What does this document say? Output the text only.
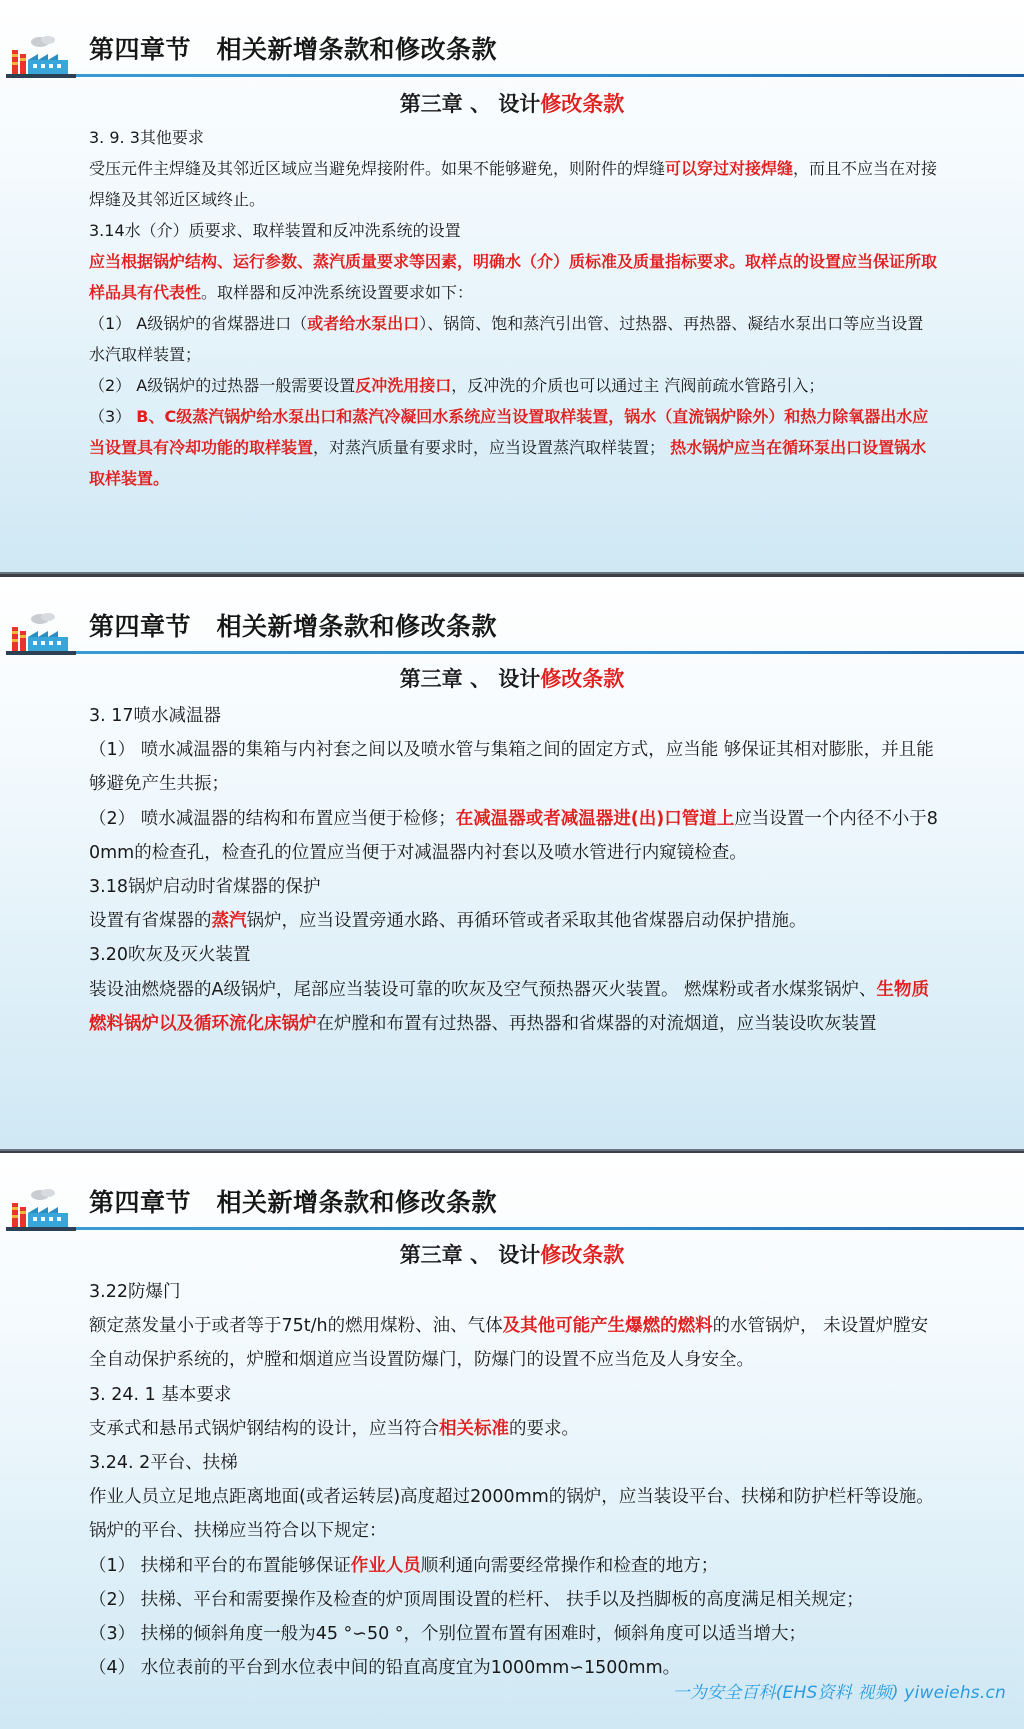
第四章节　相关新增条款和修改条款
第三章 、 设计修改条款

3. 9. 3其他要求

受压元件主焊缝及其邻近区域应当避免焊接附件。如果不能够避免，则附件的焊缝可以穿过对接焊缝，而且不应当在对接焊缝及其邻近区域终止。

3.14水（介）质要求、取样装置和反冲洗系统的设置

应当根据锅炉结构、运行参数、蒸汽质量要求等因素，明确水（介）质标准及质量指标要求。取样点的设置应当保证所取样品具有代表性。取样器和反冲洗系统设置要求如下：

（1） A级锅炉的省煤器进口（或者给水泵出口）、锅筒、饱和蒸汽引出管、过热器、再热器、凝结水泵出口等应当设置水汽取样装置；

（2） A级锅炉的过热器一般需要设置反冲洗用接口，反冲洗的介质也可以通过主 汽阀前疏水管路引入；

（3） B、C级蒸汽锅炉给水泵出口和蒸汽冷凝回水系统应当设置取样装置，锅水（直流锅炉除外）和热力除氧器出水应当设置具有冷却功能的取样装置，对蒸汽质量有要求时，应当设置蒸汽取样装置； 热水锅炉应当在循环泵出口设置锅水取样装置。

第四章节　相关新增条款和修改条款
第三章 、 设计修改条款

3. 17喷水减温器

（1） 喷水减温器的集箱与内衬套之间以及喷水管与集箱之间的固定方式，应当能 够保证其相对膨胀，并且能够避免产生共振；

（2） 喷水减温器的结构和布置应当便于检修；在减温器或者减温器进(出)口管道上应当设置一个内径不小于80mm的检查孔，检查孔的位置应当便于对减温器内衬套以及喷水管进行内窥镜检查。

3.18锅炉启动时省煤器的保护

设置有省煤器的蒸汽锅炉，应当设置旁通水路、再循环管或者采取其他省煤器启动保护措施。

3.20吹灰及灭火装置

装设油燃烧器的A级锅炉，尾部应当装设可靠的吹灰及空气预热器灭火装置。 燃煤粉或者水煤浆锅炉、生物质燃料锅炉以及循环流化床锅炉在炉膛和布置有过热器、再热器和省煤器的对流烟道，应当装设吹灰装置

第四章节　相关新增条款和修改条款
第三章 、 设计修改条款

3.22防爆门

额定蒸发量小于或者等于75t/h的燃用煤粉、油、气体及其他可能产生爆燃的燃料的水管锅炉， 未设置炉膛安全自动保护系统的，炉膛和烟道应当设置防爆门，防爆门的设置不应当危及人身安全。

3. 24. 1 基本要求

支承式和悬吊式锅炉钢结构的设计，应当符合相关标准的要求。

3.24. 2平台、扶梯

作业人员立足地点距离地面(或者运转层)高度超过2000mm的锅炉，应当装设平台、扶梯和防护栏杆等设施。锅炉的平台、扶梯应当符合以下规定：

（1） 扶梯和平台的布置能够保证作业人员顺利通向需要经常操作和检查的地方；

（2） 扶梯、平台和需要操作及检查的炉顶周围设置的栏杆、 扶手以及挡脚板的高度满足相关规定；

（3） 扶梯的倾斜角度一般为45 °∽50 °，个别位置布置有困难时，倾斜角度可以适当增大；

（4） 水位表前的平台到水位表中间的铅直高度宜为1000mm∽1500mm。

一为安全百科(EHS资料 视频) yiweiehs.cn
